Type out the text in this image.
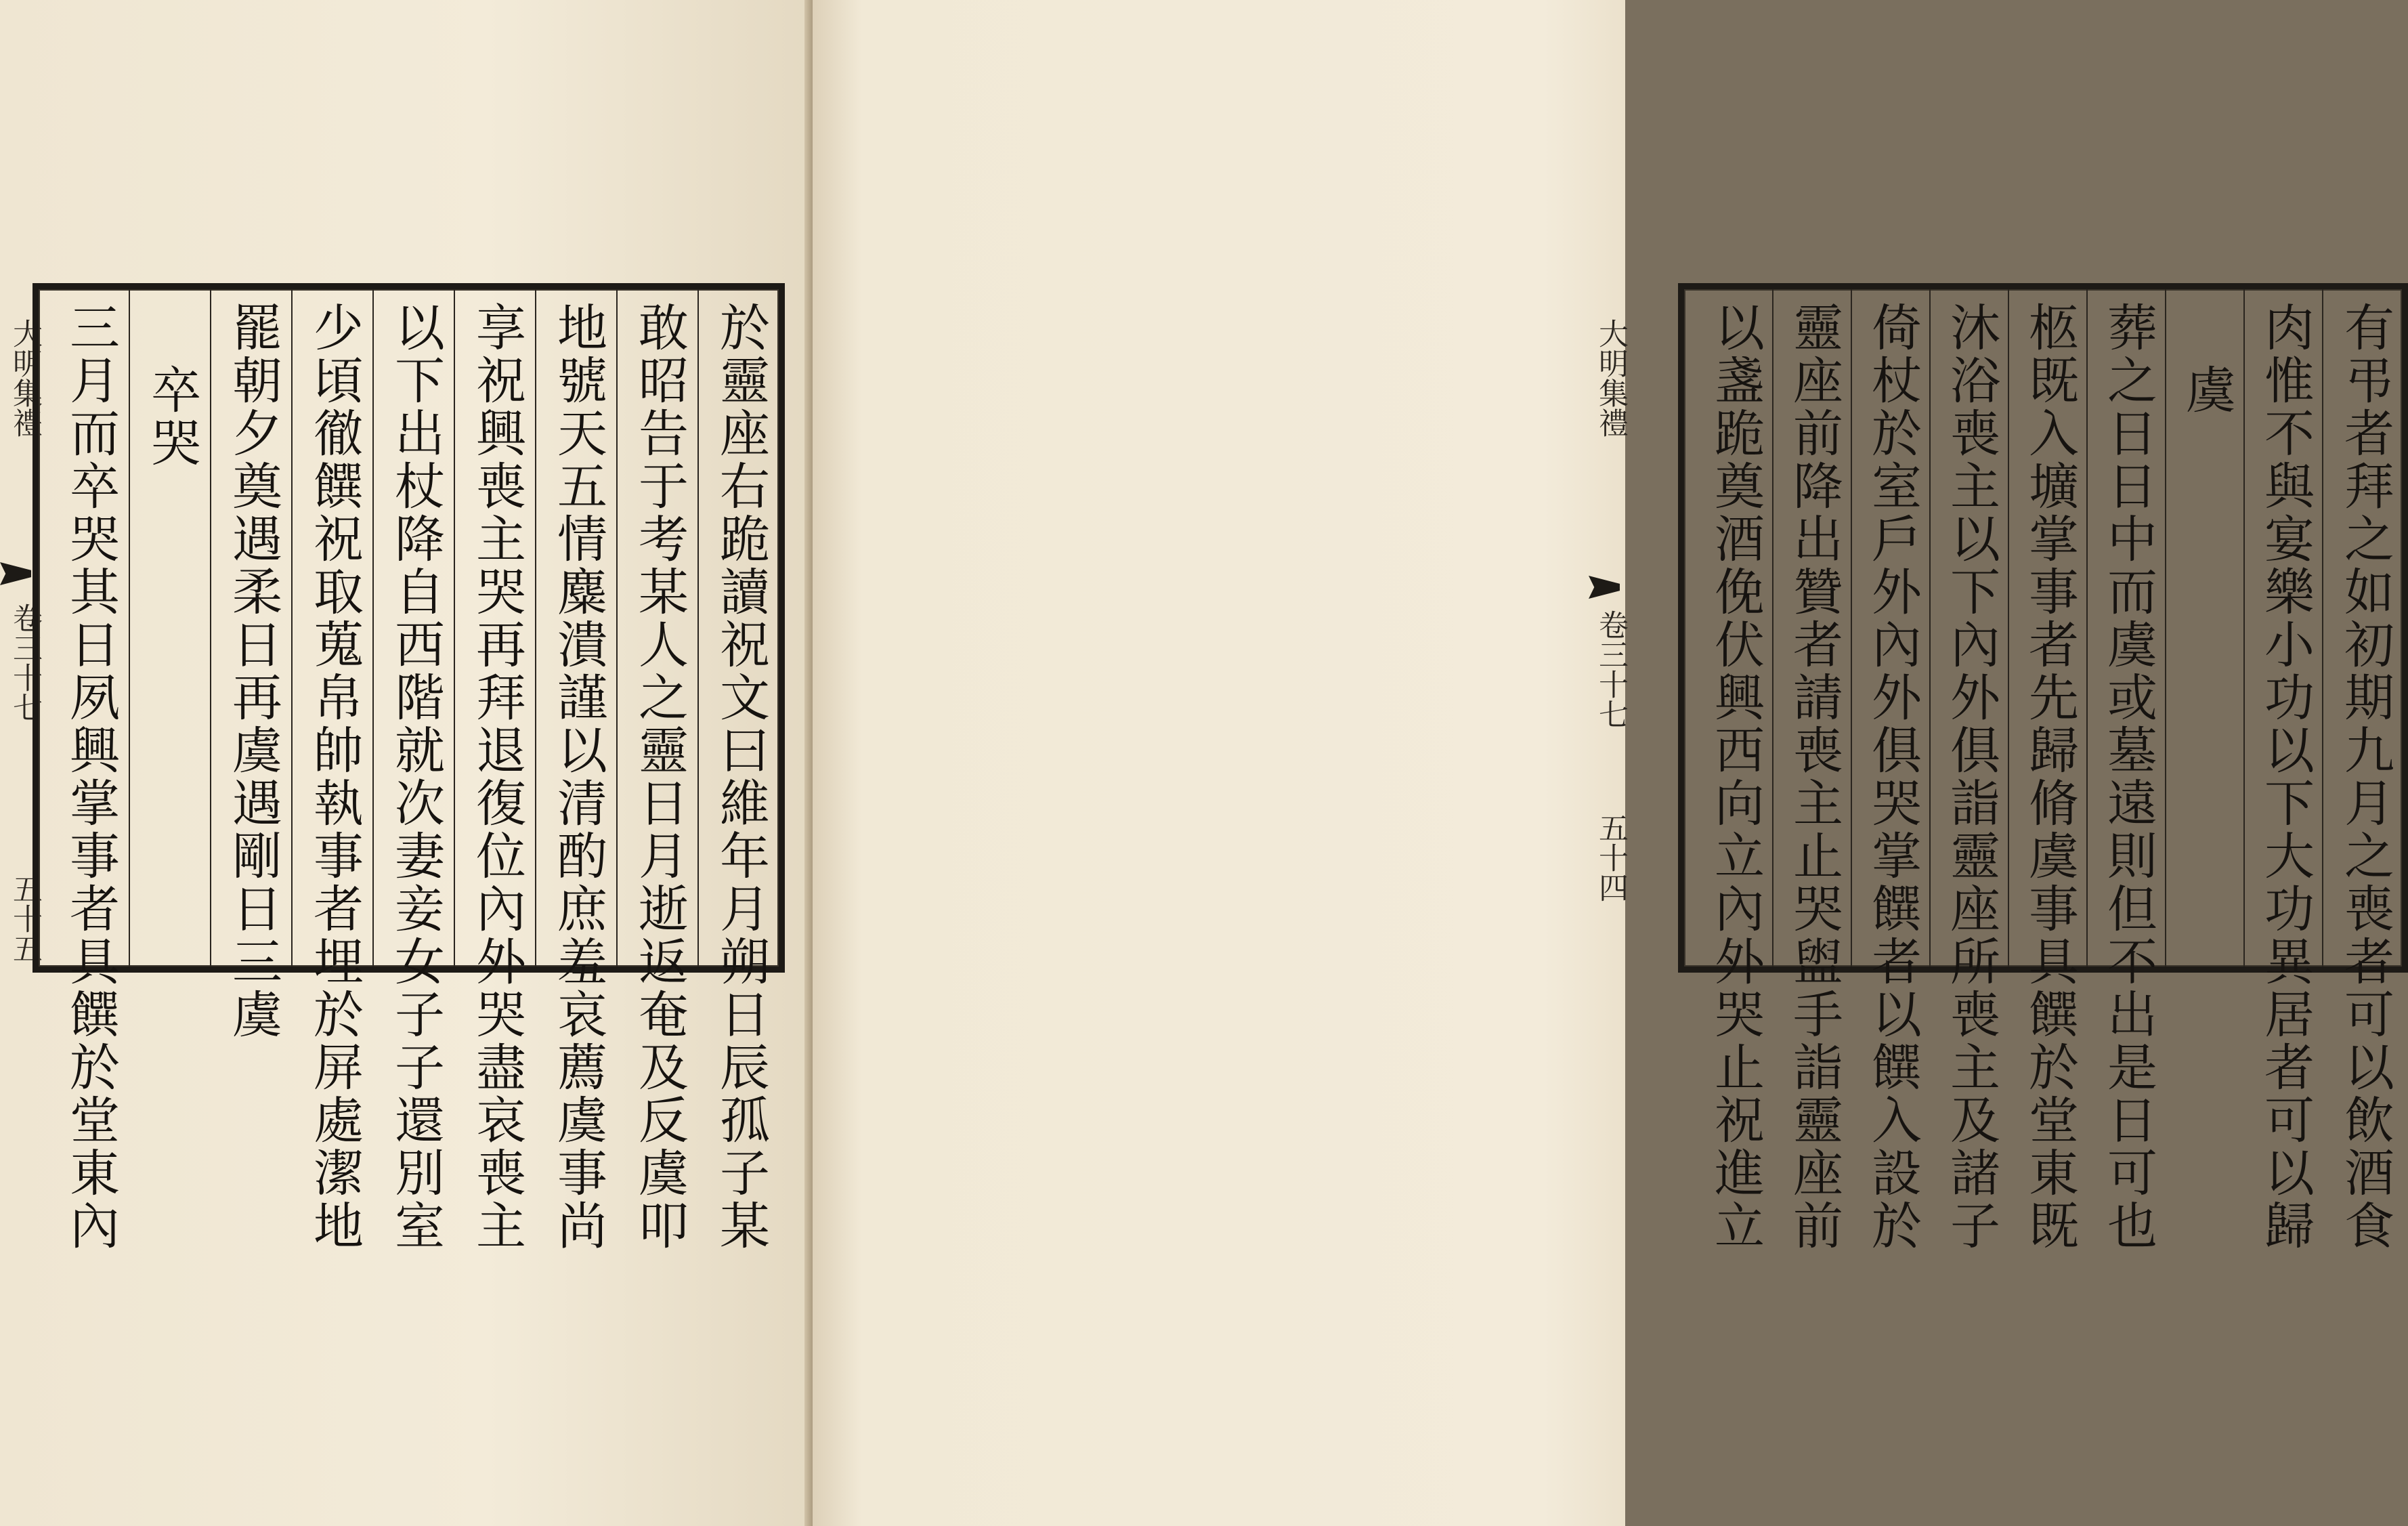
大明集禮
卷三十七
五十五	於靈座右跪讀祝文曰維年月朔日辰孤子某
敢昭告于考某人之靈日月逝返奄及反虞叩
地號天五情麋潰謹以清酌庶羞哀薦虞事尚
享祝興喪主哭再拜退復位內外哭盡哀喪主
以下出杖降自西階就次妻妾女子子還別室
少頃徹饌祝取蒐帛帥執事者埋於屏處潔地
罷朝夕奠遇柔日再虞遇剛日三虞
卒哭
三月而卒哭其日夙興掌事者具饌於堂東內	有弔者拜之如初期九月之喪者可以飲酒食
肉惟不與宴樂小功以下大功異居者可以歸
虞
葬之日日中而虞或墓遠則但不出是日可也
柩既入壙掌事者先歸脩虞事具饌於堂東既
沐浴喪主以下內外俱詣靈座所喪主及諸子
倚杖於室戶外內外俱哭掌饌者以饌入設於
靈座前降出贊者請喪主止哭盥手詣靈座前
以盞跪奠酒俛伏興西向立內外哭止祝進立
大明集禮
卷三十七
五十四
